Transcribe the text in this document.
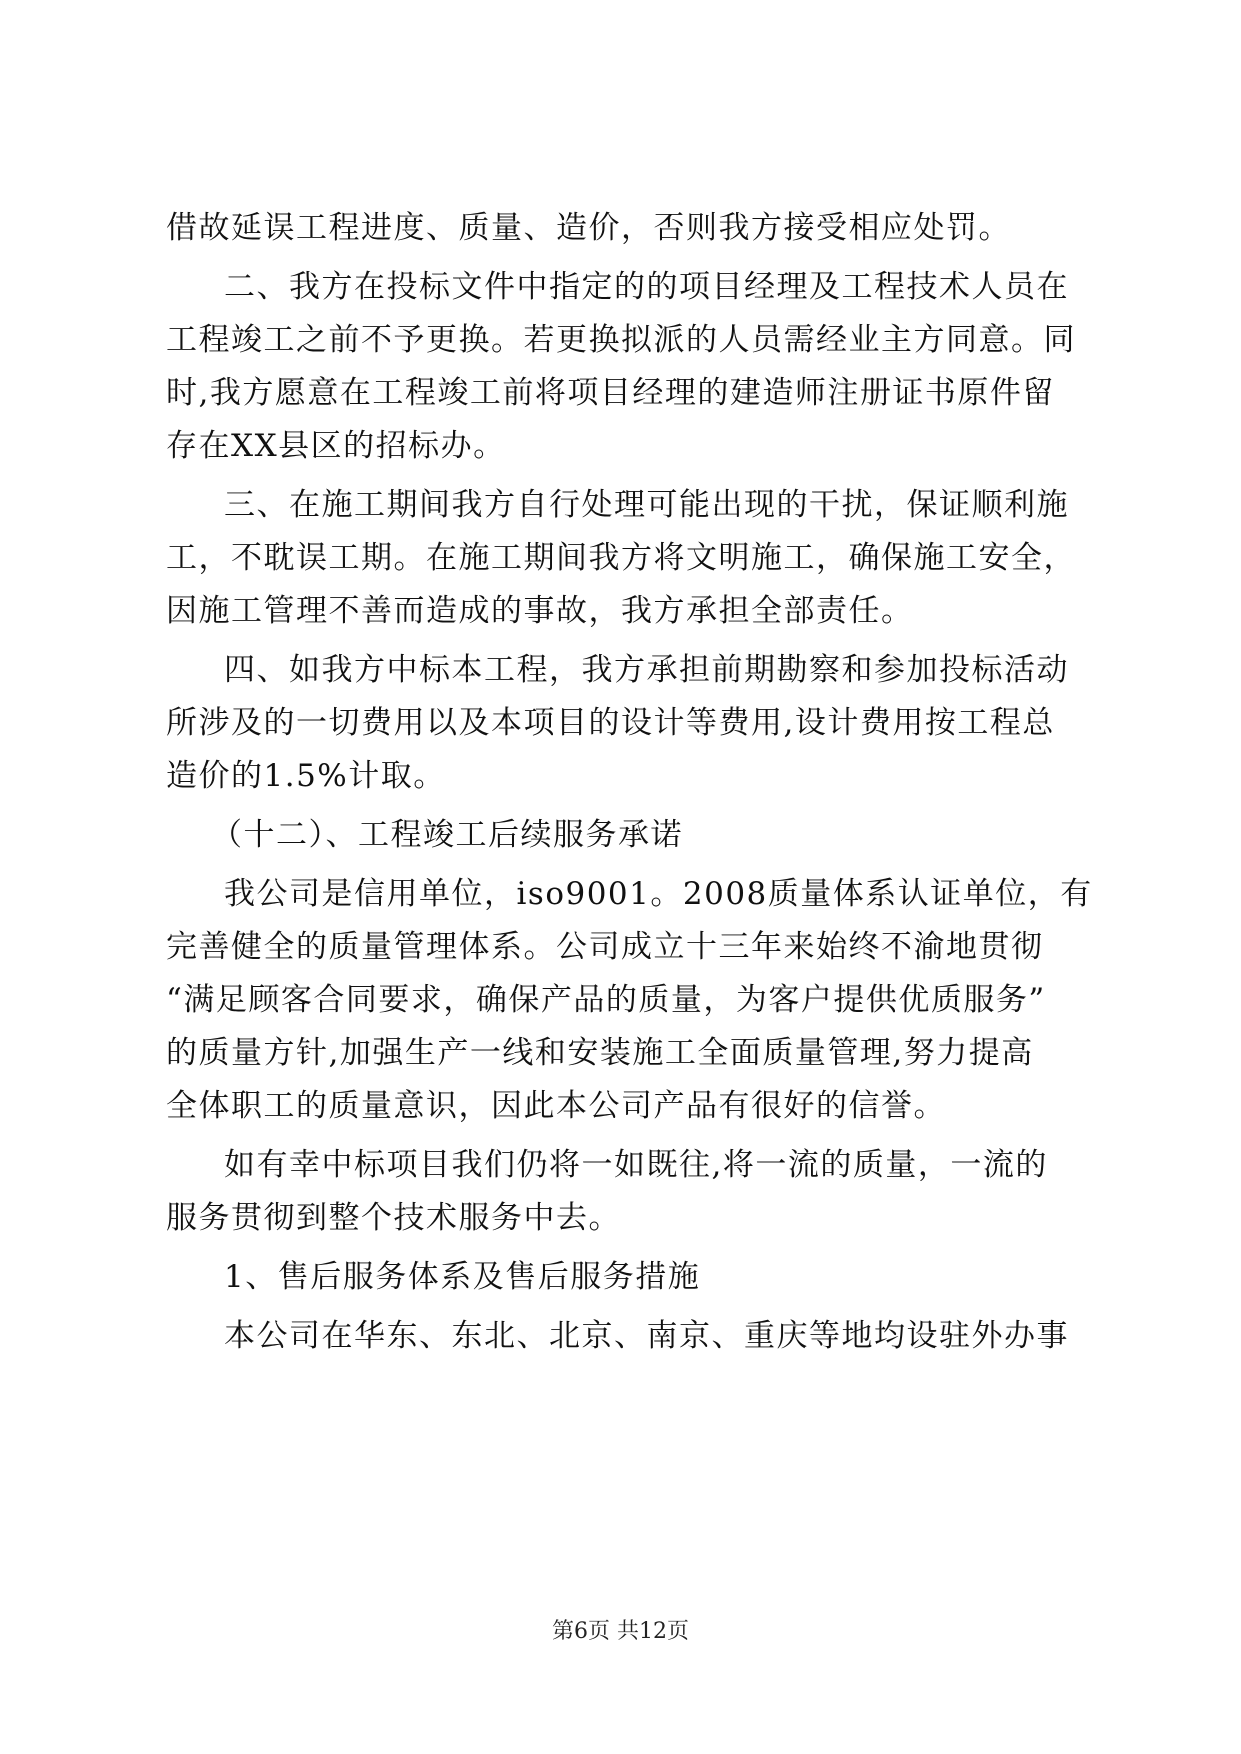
借故延误工程进度、质量、造价，否则我方接受相应处罚。
二、我方在投标文件中指定的的项目经理及工程技术人员在
工程竣工之前不予更换。若更换拟派的人员需经业主方同意。同
时,我方愿意在工程竣工前将项目经理的建造师注册证书原件留
存在XX县区的招标办。
三、在施工期间我方自行处理可能出现的干扰，保证顺利施
工，不耽误工期。在施工期间我方将文明施工，确保施工安全，
因施工管理不善而造成的事故，我方承担全部责任。
四、如我方中标本工程，我方承担前期勘察和参加投标活动
所涉及的一切费用以及本项目的设计等费用,设计费用按工程总
造价的1.5%计取。
（十二）、工程竣工后续服务承诺
我公司是信用单位，iso9001。2008质量体系认证单位，有
完善健全的质量管理体系。公司成立十三年来始终不渝地贯彻
“满足顾客合同要求，确保产品的质量，为客户提供优质服务”
的质量方针,加强生产一线和安装施工全面质量管理,努力提高
全体职工的质量意识，因此本公司产品有很好的信誉。
如有幸中标项目我们仍将一如既往,将一流的质量，一流的
服务贯彻到整个技术服务中去。
1、售后服务体系及售后服务措施
本公司在华东、东北、北京、南京、重庆等地均设驻外办事
第6页 共12页
